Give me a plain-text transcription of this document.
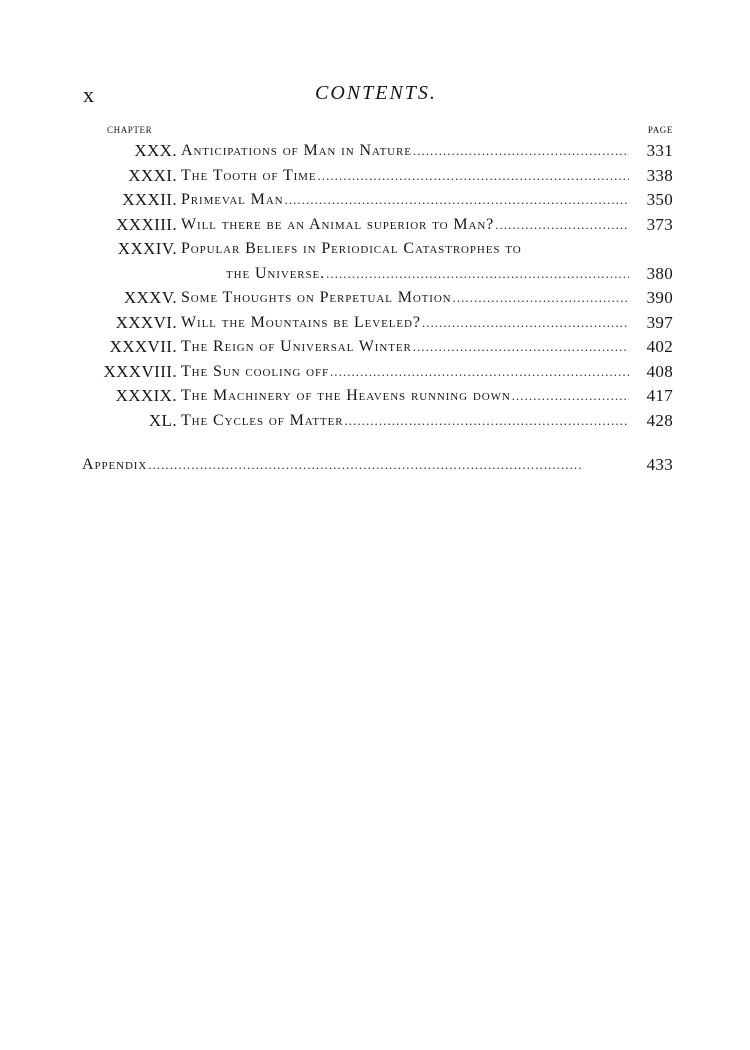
x	CONTENTS.
CHAPTER	PAGE
XXX. Anticipations of Man in Nature . . .	331
XXXI. The Tooth of Time . . .	338
XXXII. Primeval Man . . .	350
XXXIII. Will there be an Animal superior to Man? . . .	373
XXXIV. Popular Beliefs in Periodical Catastrophes to
the Universe. . . .	380
XXXV. Some Thoughts on Perpetual Motion . . .	390
XXXVI. Will the Mountains be Leveled? . . .	397
XXXVII. The Reign of Universal Winter . . .	402
XXXVIII. The Sun cooling off . . .	408
XXXIX. The Machinery of the Heavens running down . . .	417
XL. The Cycles of Matter . . .	428
Appendix . . .	433
